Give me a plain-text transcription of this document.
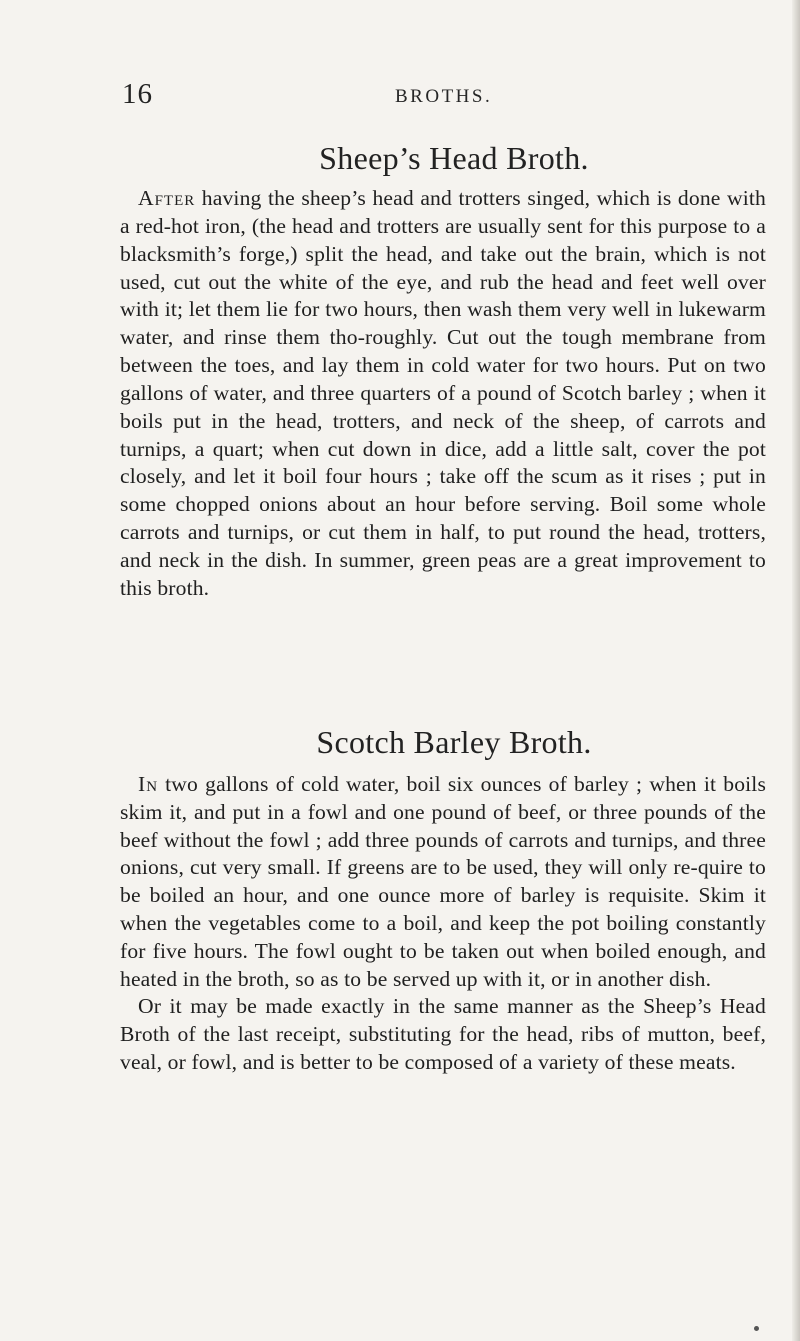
16	BROTHS.
Sheep’s Head Broth.

After having the sheep’s head and trotters singed, which is done with a red-hot iron, (the head and trotters are usually sent for this purpose to a blacksmith’s forge,) split the head, and take out the brain, which is not used, cut out the white of the eye, and rub the head and feet well over with it; let them lie for two hours, then wash them very well in lukewarm water, and rinse them tho-roughly. Cut out the tough membrane from between the toes, and lay them in cold water for two hours. Put on two gallons of water, and three quarters of a pound of Scotch barley ; when it boils put in the head, trotters, and neck of the sheep, of carrots and turnips, a quart; when cut down in dice, add a little salt, cover the pot closely, and let it boil four hours ; take off the scum as it rises ; put in some chopped onions about an hour before serving. Boil some whole carrots and turnips, or cut them in half, to put round the head, trotters, and neck in the dish. In summer, green peas are a great improvement to this broth.

Scotch Barley Broth.

In two gallons of cold water, boil six ounces of barley ; when it boils skim it, and put in a fowl and one pound of beef, or three pounds of the beef without the fowl ; add three pounds of carrots and turnips, and three onions, cut very small. If greens are to be used, they will only re-quire to be boiled an hour, and one ounce more of barley is requisite. Skim it when the vegetables come to a boil, and keep the pot boiling constantly for five hours. The fowl ought to be taken out when boiled enough, and heated in the broth, so as to be served up with it, or in another dish.

Or it may be made exactly in the same manner as the Sheep’s Head Broth of the last receipt, substituting for the head, ribs of mutton, beef, veal, or fowl, and is better to be composed of a variety of these meats.
